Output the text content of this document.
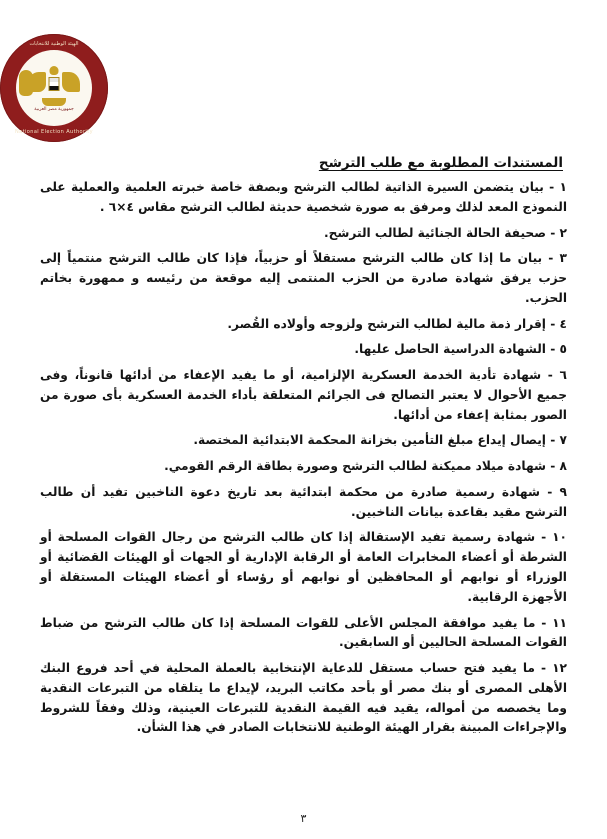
الهيئة الوطنية للانتخابات
National Election Authority
جمهورية مصر العربية
المستندات المطلوبة مع طلب الترشح
١ - بيان يتضمن السيرة الذاتية لطالب الترشح وبصفة خاصة خبرته العلمية والعملية على النموذج المعد لذلك ومرفق به صورة شخصية حديثة لطالب الترشح مقاس ٤×٦ .
٢ - صحيفة الحالة الجنائية لطالب الترشح.
٣ - بيان ما إذا كان طالب الترشح مستقلاً أو حزبياً، فإذا كان طالب الترشح منتمياً إلى حزب يرفق شهادة صادرة من الحزب المنتمى إليه موقعة من رئيسه و ممهورة بخاتم الحزب.
٤ - إقرار ذمة مالية لطالب الترشح ولزوجه وأولاده القُصر.
٥ - الشهادة الدراسية الحاصل عليها.
٦ - شهادة تأدية الخدمة العسكرية الإلزامية، أو ما يفيد الإعفاء من أدائها قانوناً، وفى جميع الأحوال لا يعتبر التصالح فى الجرائم المتعلقة بأداء الخدمة العسكرية بأى صورة من الصور بمثابة إعفاء من أدائها.
٧ - إيصال إيداع مبلغ التأمين بخزانة المحكمة الابتدائية المختصة.
٨ - شهادة ميلاد مميكنة لطالب الترشح وصورة بطاقة الرقم القومي.
٩ - شهادة رسمية صادرة من محكمة ابتدائية بعد تاريخ دعوة الناخبين تفيد أن طالب الترشح مقيد بقاعدة بيانات الناخبين.
١٠ - شهادة رسمية تفيد الإستقالة إذا كان طالب الترشح من رجال القوات المسلحة أو الشرطة أو أعضاء المخابرات العامة أو الرقابة الإدارية أو الجهات أو الهيئات القضائية أو الوزراء أو نوابهم أو المحافظين أو نوابهم أو رؤساء أو أعضاء الهيئات المستقلة أو الأجهزة الرقابية.
١١ - ما يفيد موافقة المجلس الأعلى للقوات المسلحة إذا كان طالب الترشح من ضباط القوات المسلحة الحاليين أو السابقين.
١٢ - ما يفيد فتح حساب مستقل للدعاية الإنتخابية بالعملة المحلية في أحد فروع البنك الأهلى المصرى أو بنك مصر أو بأحد مكاتب البريد، لإيداع ما يتلقاه من التبرعات النقدية وما يخصصه من أمواله، يقيد فيه القيمة النقدية للتبرعات العينية، وذلك وفقاً للشروط والإجراءات المبينة بقرار الهيئة الوطنية للانتخابات الصادر في هذا الشأن.
٣
